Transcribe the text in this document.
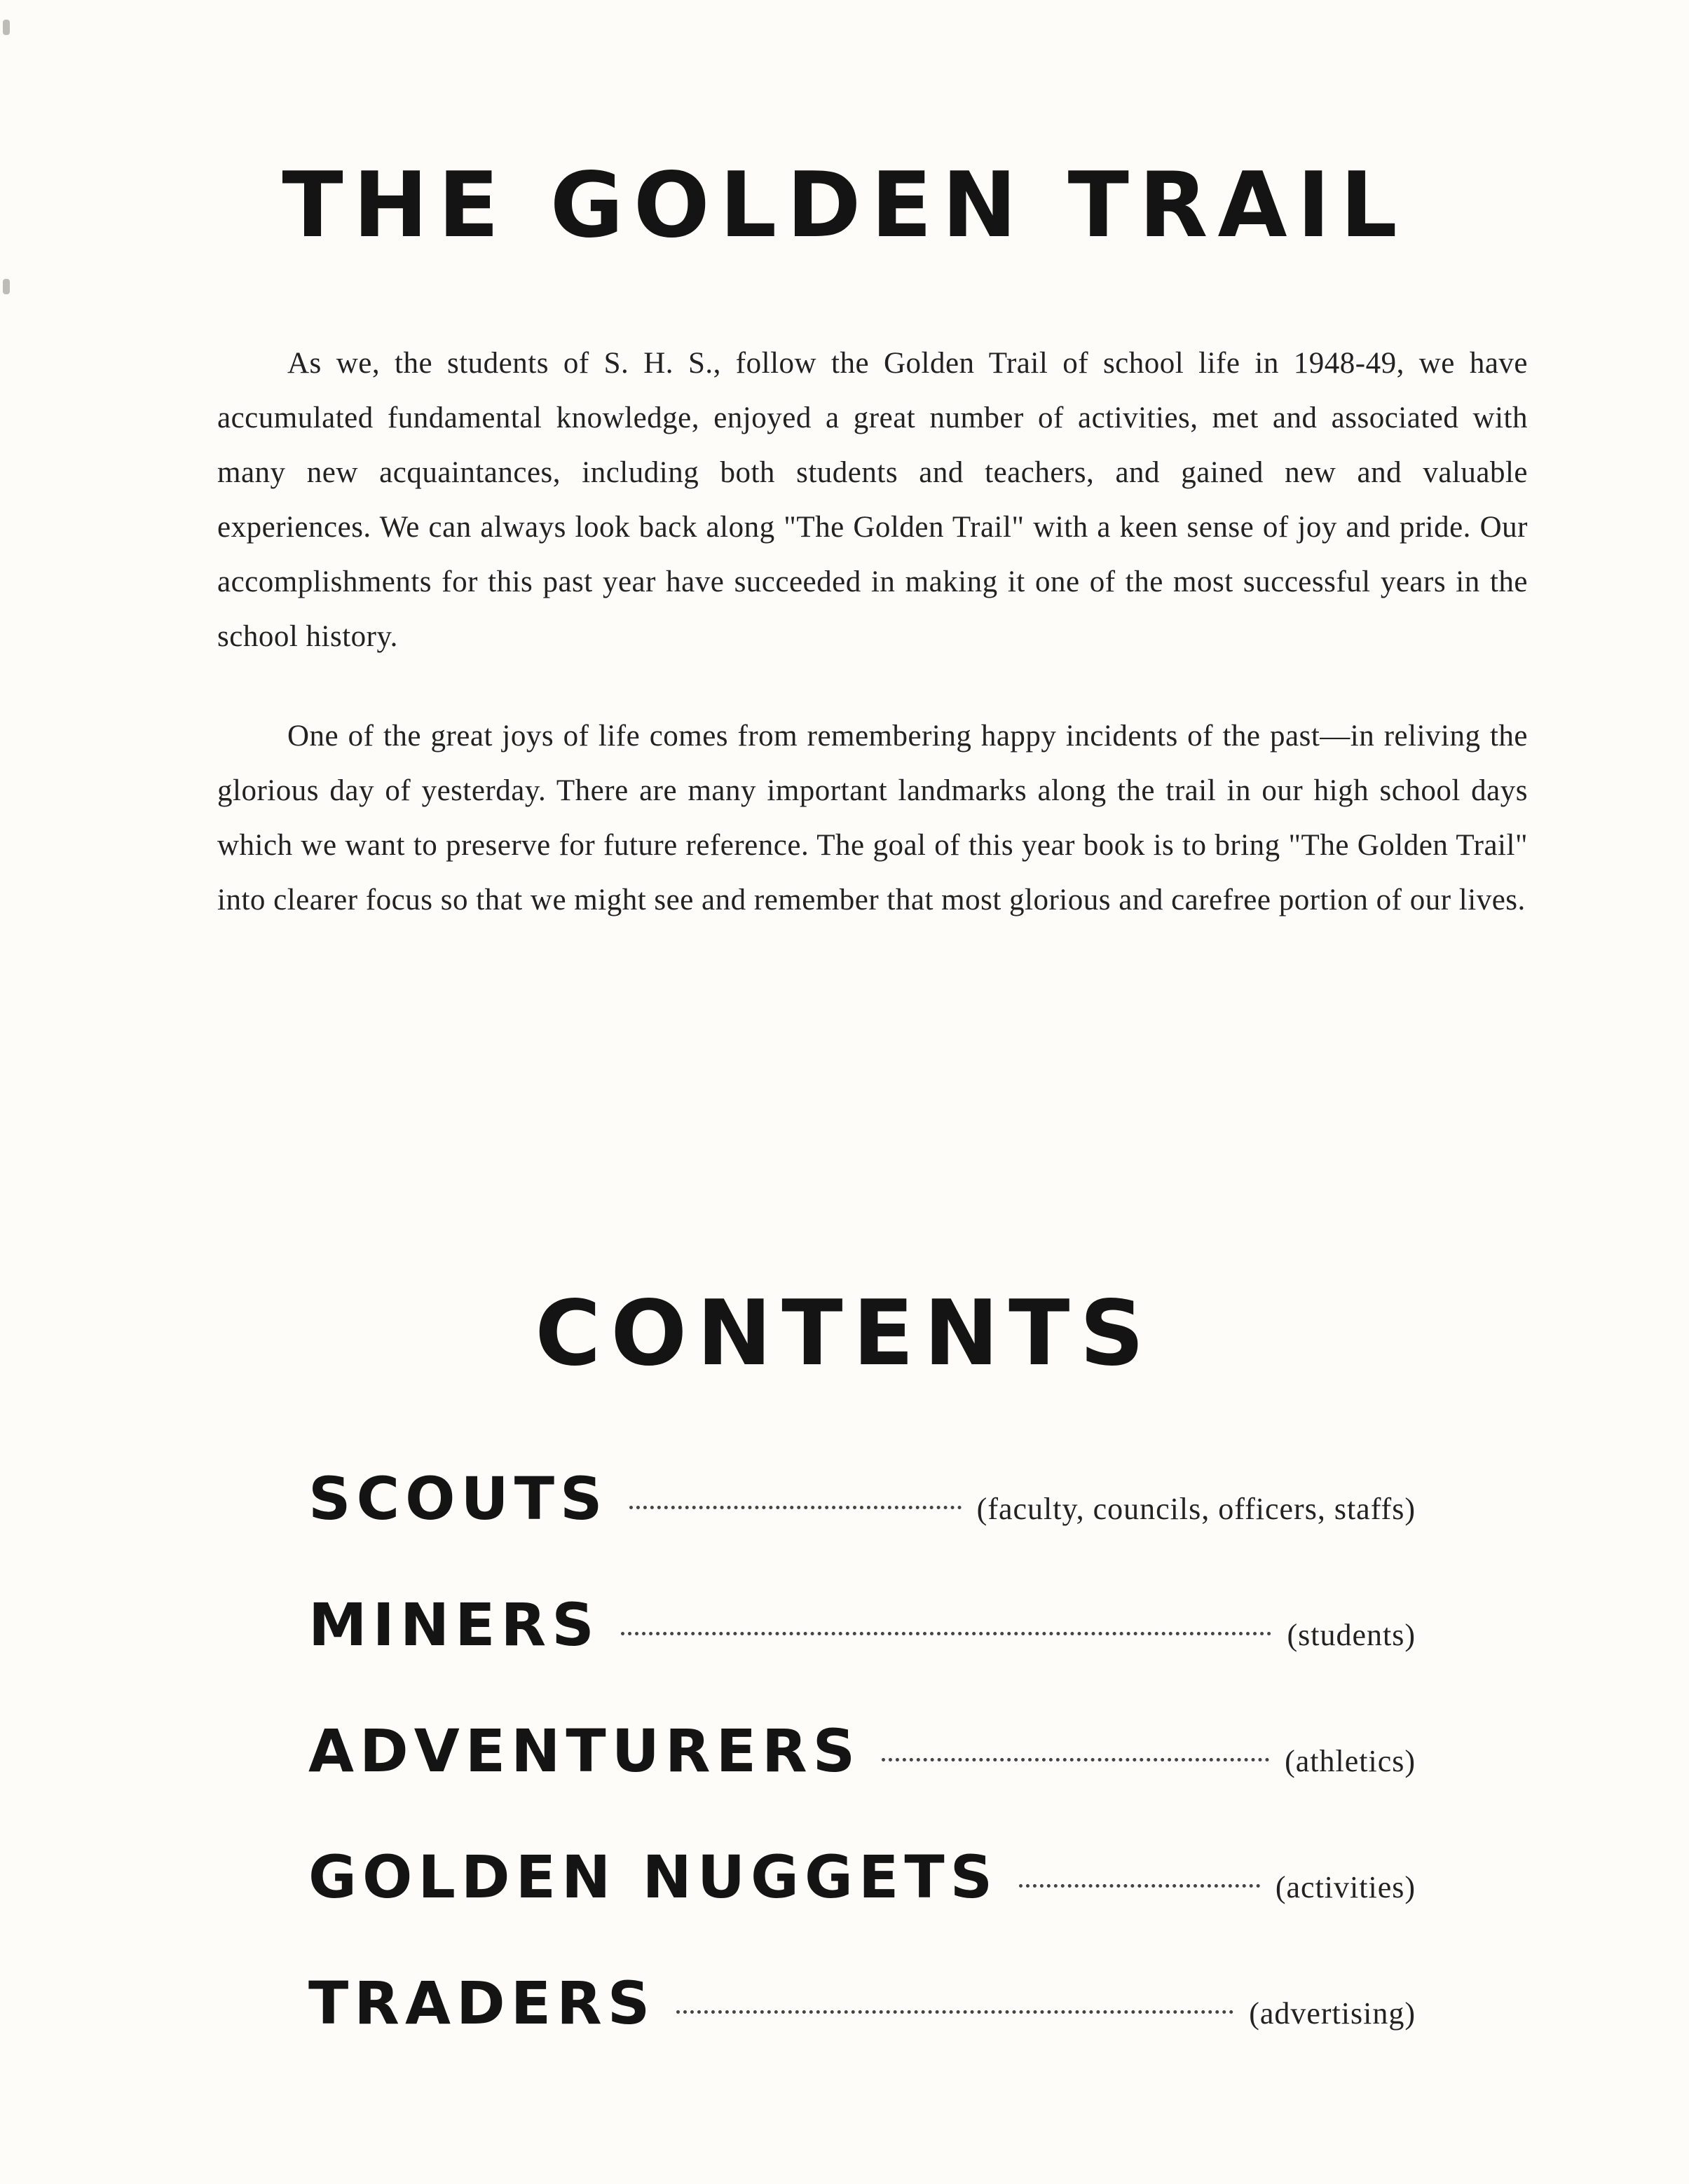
THE GOLDEN TRAIL

As we, the students of S. H. S., follow the Golden Trail of school life in 1948-49, we have accumulated fundamental knowledge, enjoyed a great number of activities, met and associated with many new acquaintances, including both students and teachers, and gained new and valuable experiences. We can always look back along "The Golden Trail" with a keen sense of joy and pride. Our accomplishments for this past year have succeeded in making it one of the most successful years in the school history.

One of the great joys of life comes from remembering happy incidents of the past—in reliving the glorious day of yesterday. There are many important landmarks along the trail in our high school days which we want to preserve for future reference. The goal of this year book is to bring "The Golden Trail" into clearer focus so that we might see and remember that most glorious and carefree portion of our lives.

CONTENTS
SCOUTS	(faculty, councils, officers, staffs)
MINERS	(students)
ADVENTURERS	(athletics)
GOLDEN NUGGETS	(activities)
TRADERS	(advertising)
